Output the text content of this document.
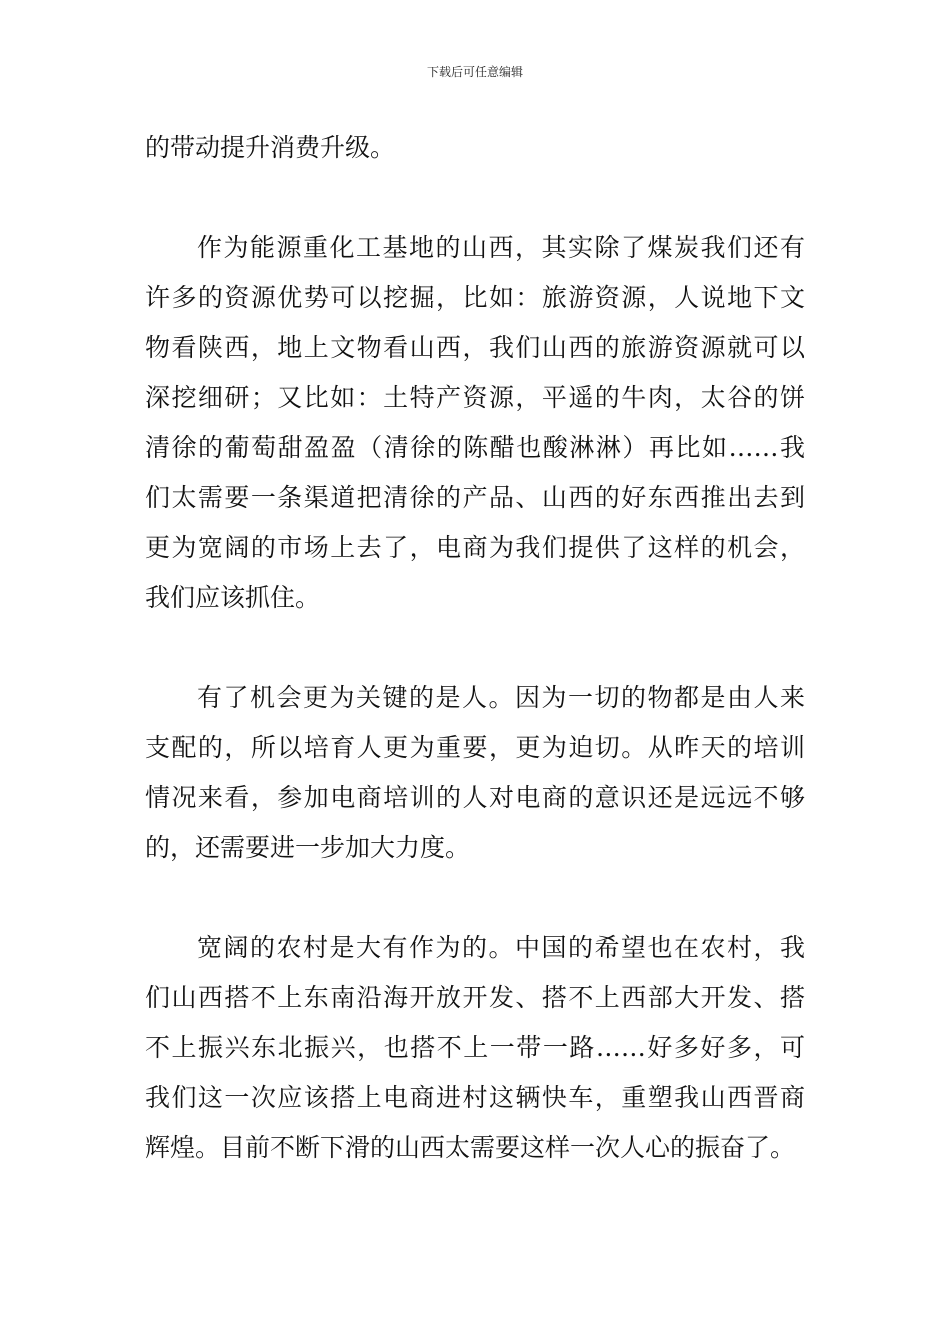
下载后可任意编辑
的带动提升消费升级。
作为能源重化工基地的山西，其实除了煤炭我们还有
许多的资源优势可以挖掘，比如：旅游资源，人说地下文
物看陕西，地上文物看山西，我们山西的旅游资源就可以
深挖细研；又比如：土特产资源，平遥的牛肉，太谷的饼
清徐的葡萄甜盈盈（清徐的陈醋也酸淋淋）再比如……我
们太需要一条渠道把清徐的产品、山西的好东西推出去到
更为宽阔的市场上去了，电商为我们提供了这样的机会，
我们应该抓住。
有了机会更为关键的是人。因为一切的物都是由人来
支配的，所以培育人更为重要，更为迫切。从昨天的培训
情况来看，参加电商培训的人对电商的意识还是远远不够
的，还需要进一步加大力度。
宽阔的农村是大有作为的。中国的希望也在农村，我
们山西搭不上东南沿海开放开发、搭不上西部大开发、搭
不上振兴东北振兴，也搭不上一带一路……好多好多，可
我们这一次应该搭上电商进村这辆快车，重塑我山西晋商
辉煌。目前不断下滑的山西太需要这样一次人心的振奋了。
